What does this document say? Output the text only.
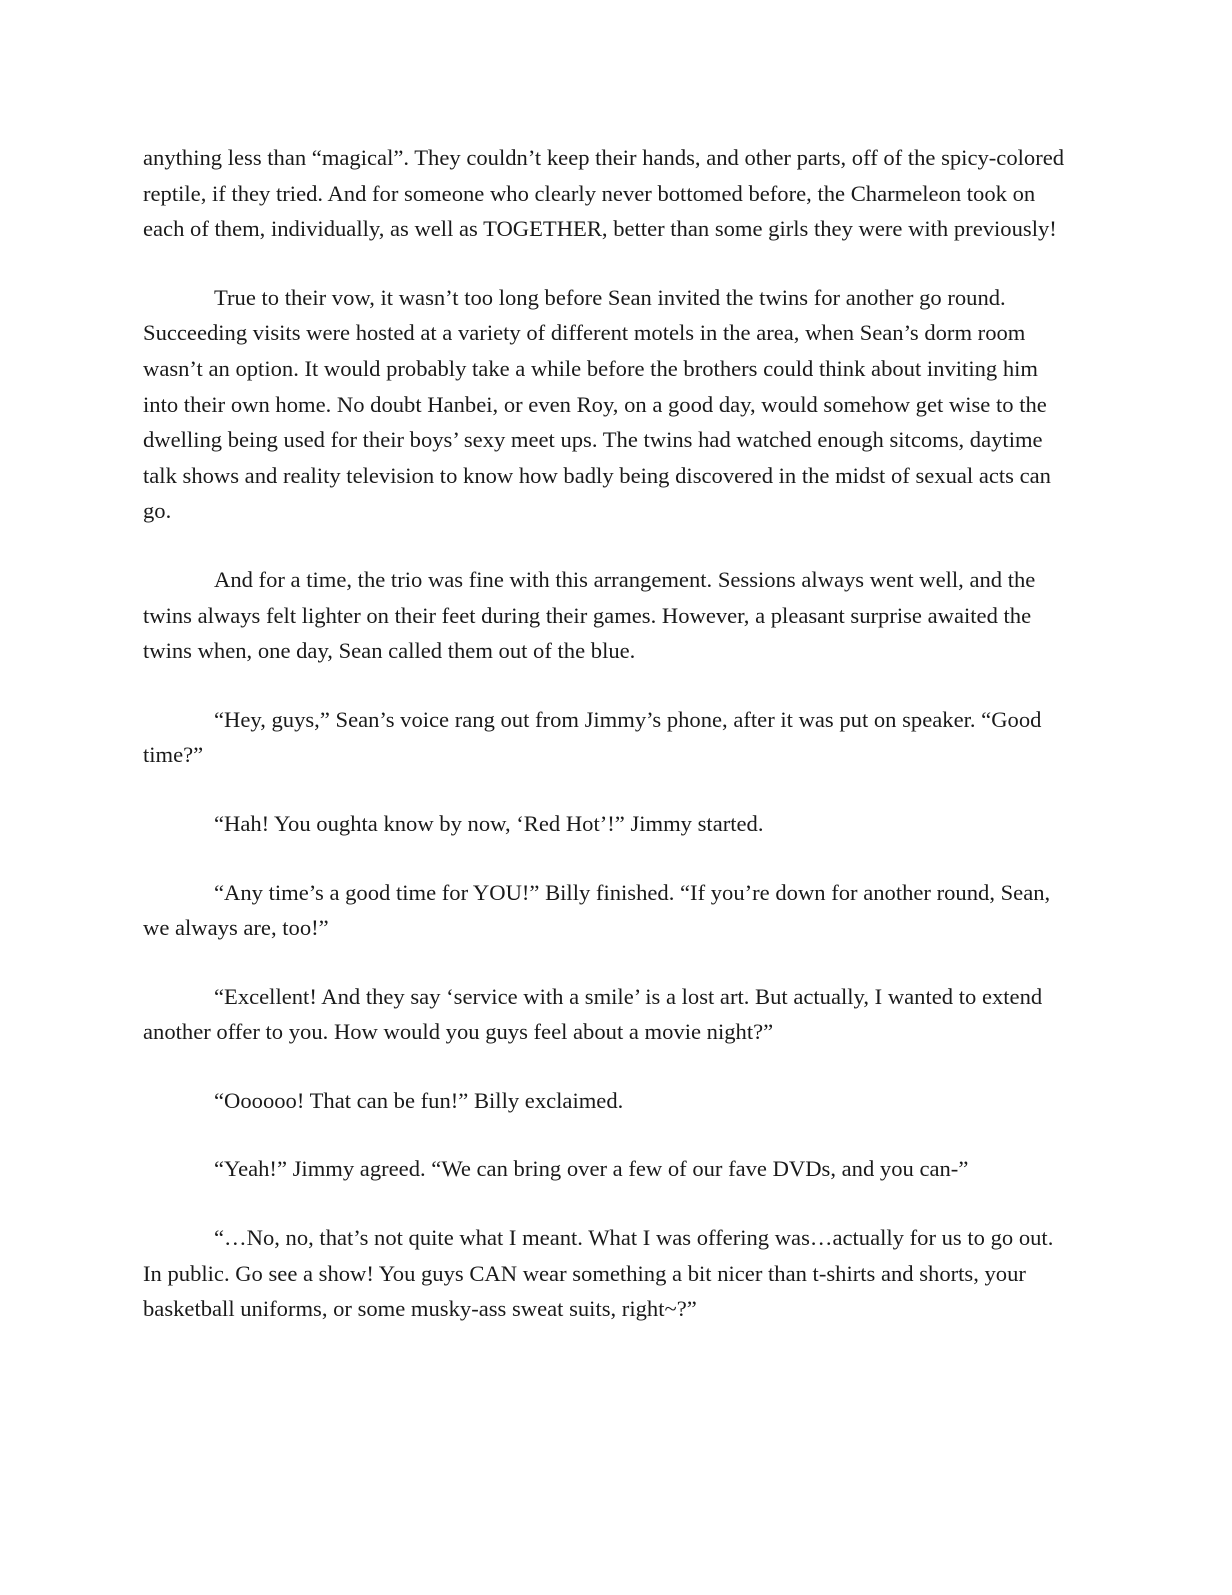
anything less than “magical”. They couldn’t keep their hands, and other parts, off of the spicy-colored reptile, if they tried. And for someone who clearly never bottomed before, the Charmeleon took on each of them, individually, as well as TOGETHER, better than some girls they were with previously!

True to their vow, it wasn’t too long before Sean invited the twins for another go round. Succeeding visits were hosted at a variety of different motels in the area, when Sean’s dorm room wasn’t an option. It would probably take a while before the brothers could think about inviting him into their own home. No doubt Hanbei, or even Roy, on a good day, would somehow get wise to the dwelling being used for their boys’ sexy meet ups. The twins had watched enough sitcoms, daytime talk shows and reality television to know how badly being discovered in the midst of sexual acts can go.

And for a time, the trio was fine with this arrangement. Sessions always went well, and the twins always felt lighter on their feet during their games. However, a pleasant surprise awaited the twins when, one day, Sean called them out of the blue.

“Hey, guys,” Sean’s voice rang out from Jimmy’s phone, after it was put on speaker. “Good time?”

“Hah! You oughta know by now, ‘Red Hot’!” Jimmy started.

“Any time’s a good time for YOU!” Billy finished. “If you’re down for another round, Sean, we always are, too!”

“Excellent! And they say ‘service with a smile’ is a lost art. But actually, I wanted to extend another offer to you. How would you guys feel about a movie night?”

“Oooooo! That can be fun!” Billy exclaimed.

“Yeah!” Jimmy agreed. “We can bring over a few of our fave DVDs, and you can-”

“…No, no, that’s not quite what I meant. What I was offering was…actually for us to go out. In public. Go see a show! You guys CAN wear something a bit nicer than t-shirts and shorts, your basketball uniforms, or some musky-ass sweat suits, right~?”
